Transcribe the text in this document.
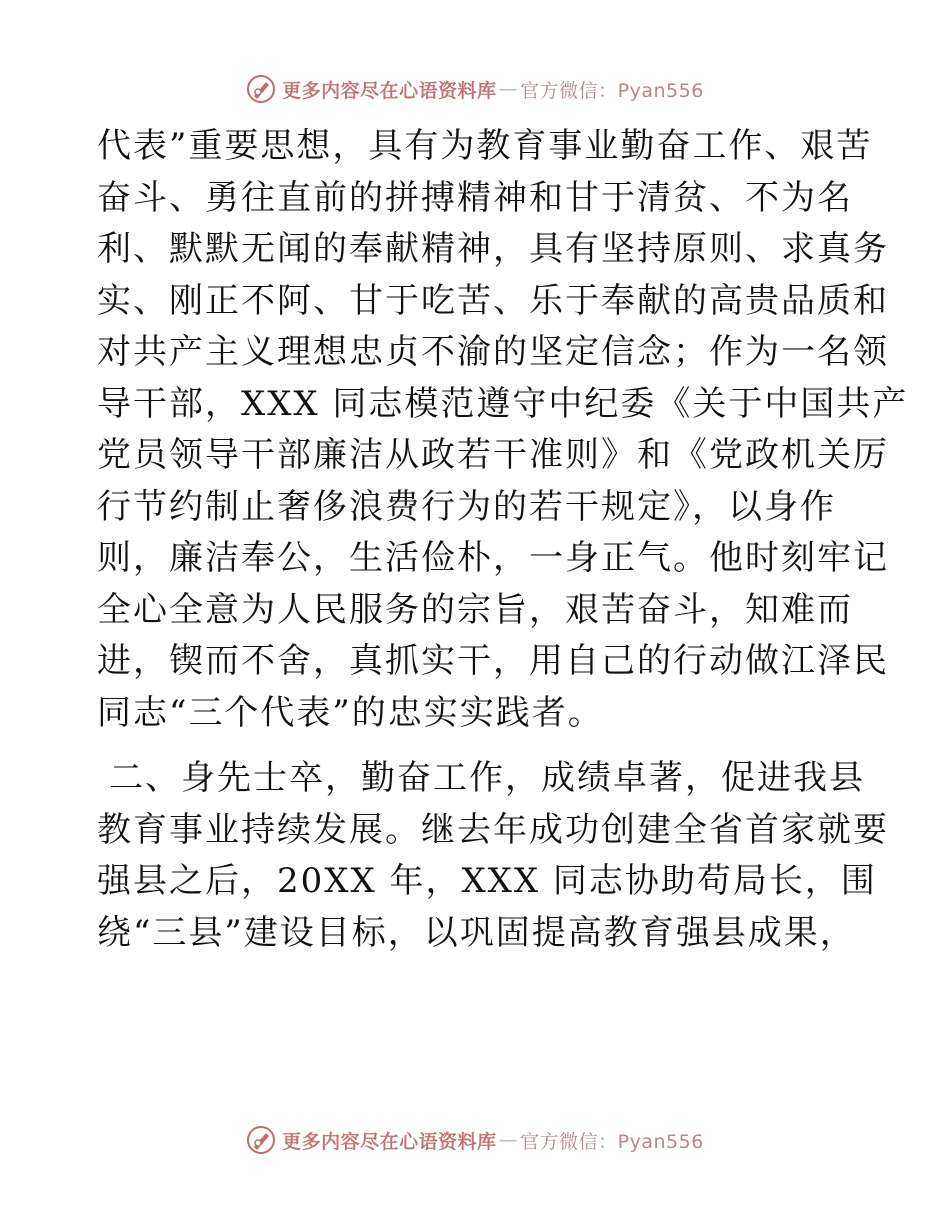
更多内容尽在心语资料库 — 官方微信：Pyan556
代表”重要思想，具有为教育事业勤奋工作、艰苦
奋斗、勇往直前的拼搏精神和甘于清贫、不为名
利、默默无闻的奉献精神，具有坚持原则、求真务
实、刚正不阿、甘于吃苦、乐于奉献的高贵品质和
对共产主义理想忠贞不渝的坚定信念；作为一名领
导干部，XXX 同志模范遵守中纪委《关于中国共产
党员领导干部廉洁从政若干准则》和《党政机关厉
行节约制止奢侈浪费行为的若干规定》，以身作
则，廉洁奉公，生活俭朴，一身正气。他时刻牢记
全心全意为人民服务的宗旨，艰苦奋斗，知难而
进，锲而不舍，真抓实干，用自己的行动做江泽民
同志“三个代表”的忠实实践者。
二、身先士卒，勤奋工作，成绩卓著，促进我县
教育事业持续发展。继去年成功创建全省首家就要
强县之后，20XX 年，XXX 同志协助苟局长，围
绕“三县”建设目标，以巩固提高教育强县成果，
更多内容尽在心语资料库 — 官方微信：Pyan556
